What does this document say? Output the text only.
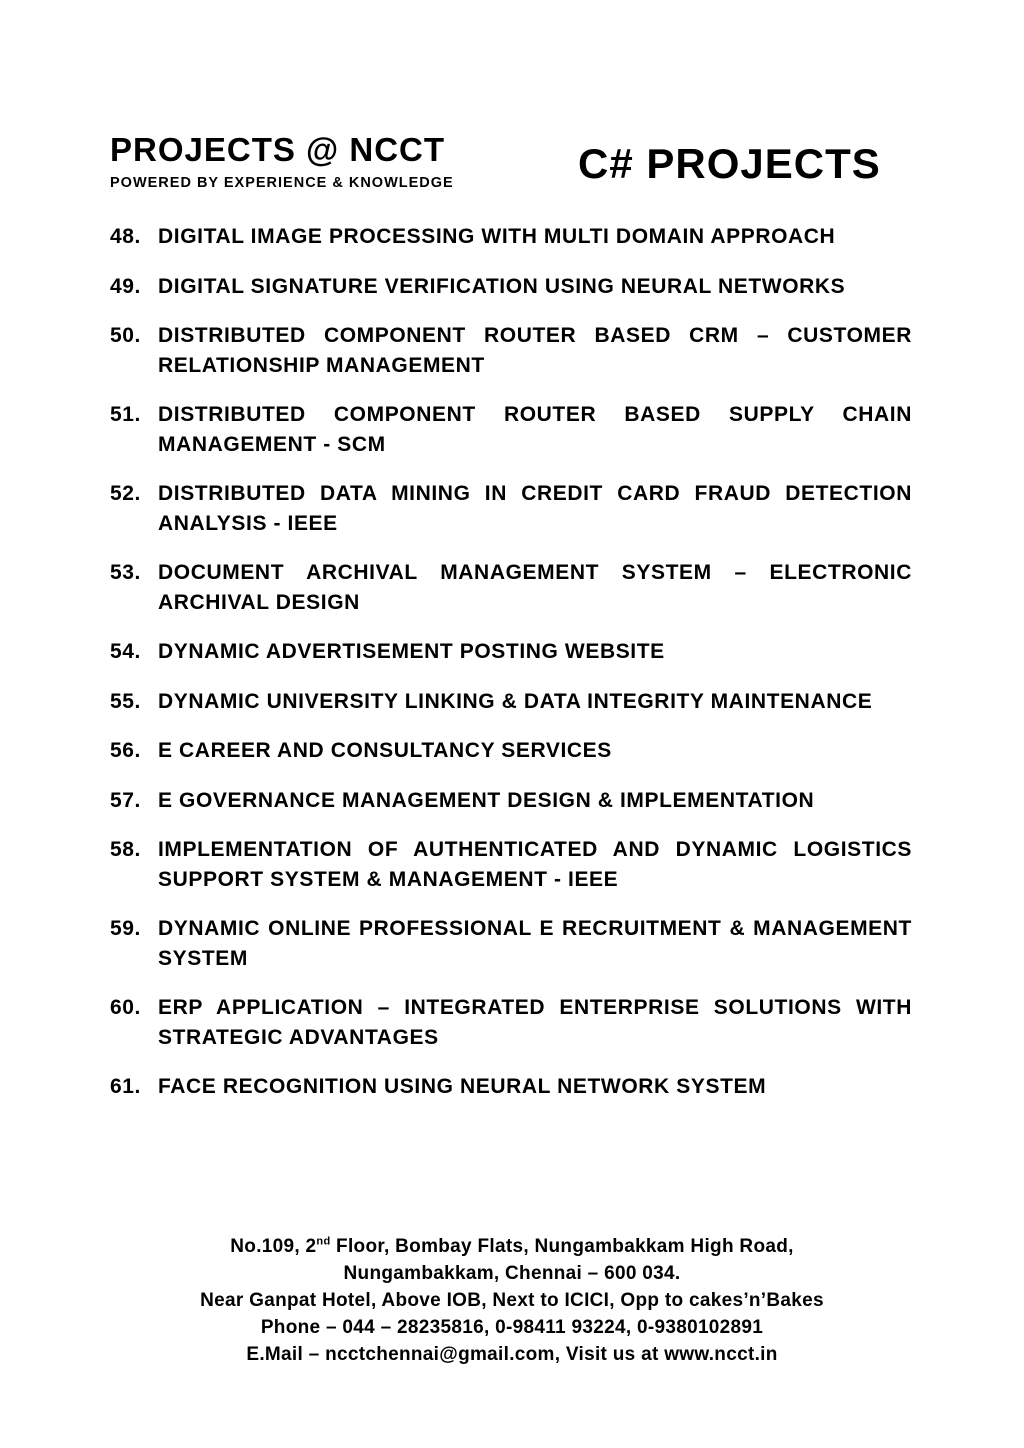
PROJECTS @ NCCT
POWERED BY EXPERIENCE & KNOWLEDGE	C# PROJECTS
48. DIGITAL IMAGE PROCESSING WITH MULTI DOMAIN APPROACH
49. DIGITAL SIGNATURE VERIFICATION USING NEURAL NETWORKS
50. DISTRIBUTED COMPONENT ROUTER BASED CRM – CUSTOMER RELATIONSHIP MANAGEMENT
51. DISTRIBUTED COMPONENT ROUTER BASED SUPPLY CHAIN MANAGEMENT - SCM
52. DISTRIBUTED DATA MINING IN CREDIT CARD FRAUD DETECTION ANALYSIS - IEEE
53. DOCUMENT ARCHIVAL MANAGEMENT SYSTEM – ELECTRONIC ARCHIVAL DESIGN
54. DYNAMIC ADVERTISEMENT POSTING WEBSITE
55. DYNAMIC UNIVERSITY LINKING & DATA INTEGRITY MAINTENANCE
56. E CAREER AND CONSULTANCY SERVICES
57. E GOVERNANCE MANAGEMENT DESIGN & IMPLEMENTATION
58. IMPLEMENTATION OF AUTHENTICATED AND DYNAMIC LOGISTICS SUPPORT SYSTEM & MANAGEMENT - IEEE
59. DYNAMIC ONLINE PROFESSIONAL E RECRUITMENT & MANAGEMENT SYSTEM
60. ERP APPLICATION – INTEGRATED ENTERPRISE SOLUTIONS WITH STRATEGIC ADVANTAGES
61. FACE RECOGNITION USING NEURAL NETWORK SYSTEM

No.109, 2nd Floor, Bombay Flats, Nungambakkam High Road,

Nungambakkam, Chennai – 600 034.

Near Ganpat Hotel, Above IOB, Next to ICICI, Opp to cakes’n’Bakes

Phone – 044 – 28235816, 0-98411 93224, 0-9380102891

E.Mail – ncctchennai@gmail.com, Visit us at www.ncct.in
